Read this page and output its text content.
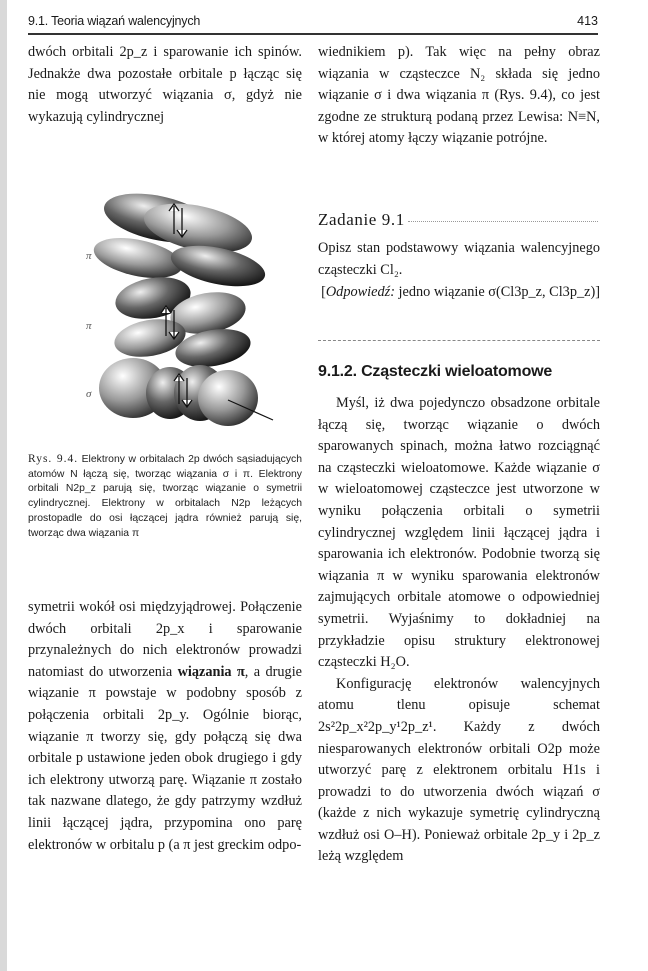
9.1. Teoria wiązań walencyjnych	413

dwóch orbitali 2p_z i sparowanie ich spinów. Jednakże dwa pozostałe orbitale p łącząc się nie mogą utworzyć wiązania σ, gdyż nie wykazują cylindrycznej

π
π
σ

Rys. 9.4. Elektrony w orbitalach 2p dwóch sąsiadujących atomów N łączą się, tworząc wiązania σ i π. Elektrony orbitali N2p_z parują się, tworząc wiązanie o symetrii cylindrycznej. Elektrony w orbitalach N2p leżących prostopadle do osi łączącej jądra również parują się, tworząc dwa wiązania π

symetrii wokół osi międzyjądrowej. Połączenie dwóch orbitali 2p_x i sparowanie przynależnych do nich elektronów prowadzi natomiast do utworzenia wiązania π, a drugie wiązanie π powstaje w podobny sposób z połączenia orbitali 2p_y. Ogólnie biorąc, wiązanie π tworzy się, gdy połączą się dwa orbitale p ustawione jeden obok drugiego i gdy ich elektrony utworzą parę. Wiązanie π zostało tak nazwane dlatego, że gdy patrzymy wzdłuż linii łączącej jądra, przypomina ono parę elektronów w orbitalu p (a π jest greckim odpo-

wiednikiem p). Tak więc na pełny obraz wiązania w cząsteczce N₂ składa się jedno wiązanie σ i dwa wiązania π (Rys. 9.4), co jest zgodne ze strukturą podaną przez Lewisa: N≡N, w której atomy łączy wiązanie potrójne.

Zadanie 9.1
Opisz stan podstawowy wiązania walencyjnego cząsteczki Cl₂.
[Odpowiedź: jedno wiązanie σ(Cl3p_z, Cl3p_z)]
9.1.2. Cząsteczki wieloatomowe

Myśl, iż dwa pojedynczo obsadzone orbitale łączą się, tworząc wiązanie o dwóch sparowanych spinach, można łatwo rozciągnąć na cząsteczki wieloatomowe. Każde wiązanie σ w wieloatomowej cząsteczce jest utworzone w wyniku połączenia orbitali o symetrii cylindrycznej względem linii łączącej jądra i sparowania ich elektronów. Podobnie tworzą się wiązania π w wyniku sparowania elektronów zajmujących orbitale atomowe o odpowiedniej symetrii. Wyjaśnimy to dokładniej na przykładzie opisu struktury elektronowej cząsteczki H₂O.

Konfigurację elektronów walencyjnych atomu tlenu opisuje schemat 2s²2p_x²2p_y¹2p_z¹. Każdy z dwóch niesparowanych elektronów orbitali O2p może utworzyć parę z elektronem orbitalu H1s i prowadzi to do utworzenia dwóch wiązań σ (każde z nich wykazuje symetrię cylindryczną wzdłuż osi O–H). Ponieważ orbitale 2p_y i 2p_z leżą względem
